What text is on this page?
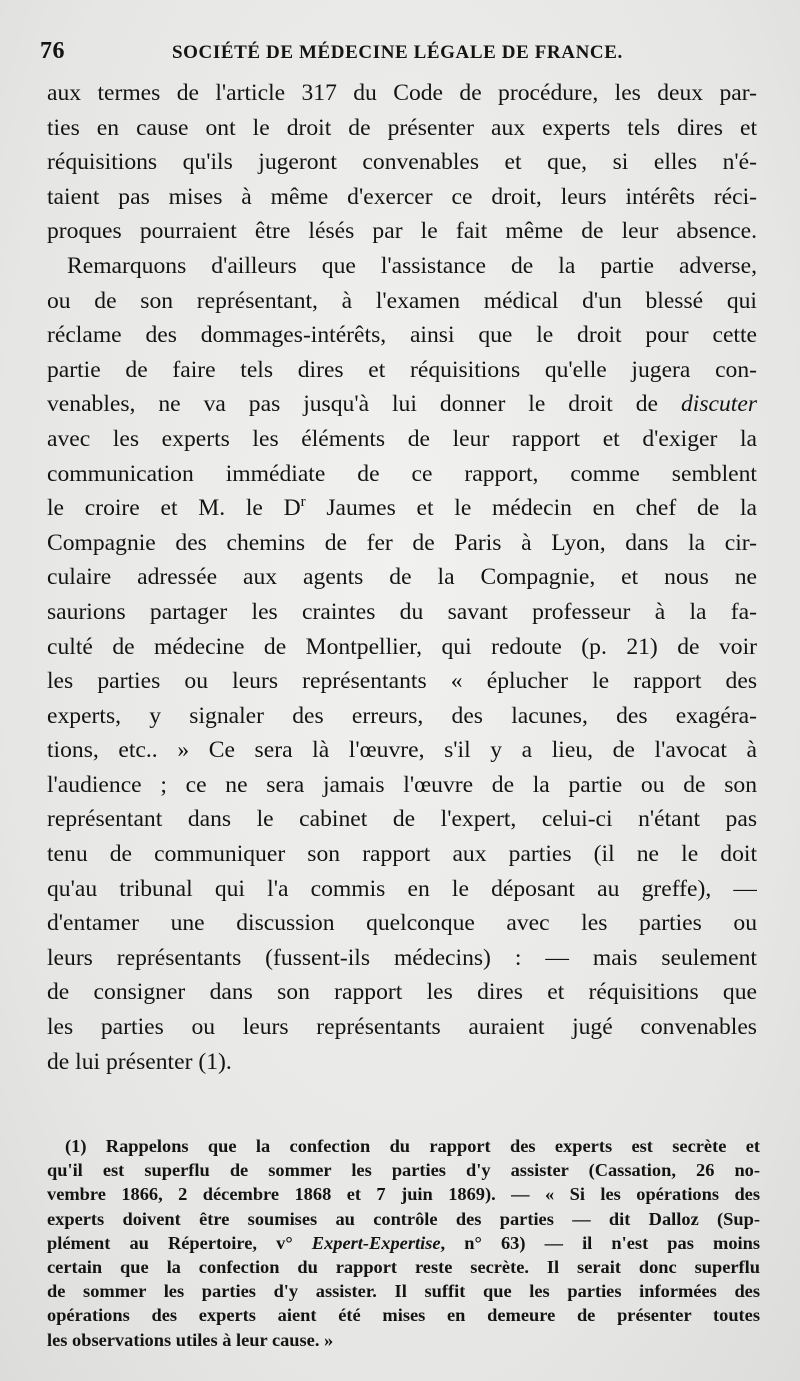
76	SOCIÉTÉ DE MÉDECINE LÉGALE DE FRANCE.
aux termes de l'article 317 du Code de procédure, les deux par-
ties en cause ont le droit de présenter aux experts tels dires et
réquisitions qu'ils jugeront convenables et que, si elles n'é-
taient pas mises à même d'exercer ce droit, leurs intérêts réci-
proques pourraient être lésés par le fait même de leur absence.
Remarquons d'ailleurs que l'assistance de la partie adverse,
ou de son représentant, à l'examen médical d'un blessé qui
réclame des dommages-intérêts, ainsi que le droit pour cette
partie de faire tels dires et réquisitions qu'elle jugera con-
venables, ne va pas jusqu'à lui donner le droit de discuter
avec les experts les éléments de leur rapport et d'exiger la
communication immédiate de ce rapport, comme semblent
le croire et M. le $D^r$ Jaumes et le médecin en chef de la
Compagnie des chemins de fer de Paris à Lyon, dans la cir-
culaire adressée aux agents de la Compagnie, et nous ne
saurions partager les craintes du savant professeur à la fa-
culté de médecine de Montpellier, qui redoute (p. 21) de voir
les parties ou leurs représentants « éplucher le rapport des
experts, y signaler des erreurs, des lacunes, des exagéra-
tions, etc.. » Ce sera là l'œuvre, s'il y a lieu, de l'avocat à
l'audience ; ce ne sera jamais l'œuvre de la partie ou de son
représentant dans le cabinet de l'expert, celui-ci n'étant pas
tenu de communiquer son rapport aux parties (il ne le doit
qu'au tribunal qui l'a commis en le déposant au greffe), —
d'entamer une discussion quelconque avec les parties ou
leurs représentants (fussent-ils médecins) : — mais seulement
de consigner dans son rapport les dires et réquisitions que
les parties ou leurs représentants auraient jugé convenables
de lui présenter (1).
(1) Rappelons que la confection du rapport des experts est secrète et
qu'il est superflu de sommer les parties d'y assister (Cassation, 26 no-
vembre 1866, 2 décembre 1868 et 7 juin 1869). — « Si les opérations des
experts doivent être soumises au contrôle des parties — dit Dalloz (Sup-
plément au Répertoire, v° Expert-Expertise, n° 63) — il n'est pas moins
certain que la confection du rapport reste secrète. Il serait donc superflu
de sommer les parties d'y assister. Il suffit que les parties informées des
opérations des experts aient été mises en demeure de présenter toutes
les observations utiles à leur cause. »
